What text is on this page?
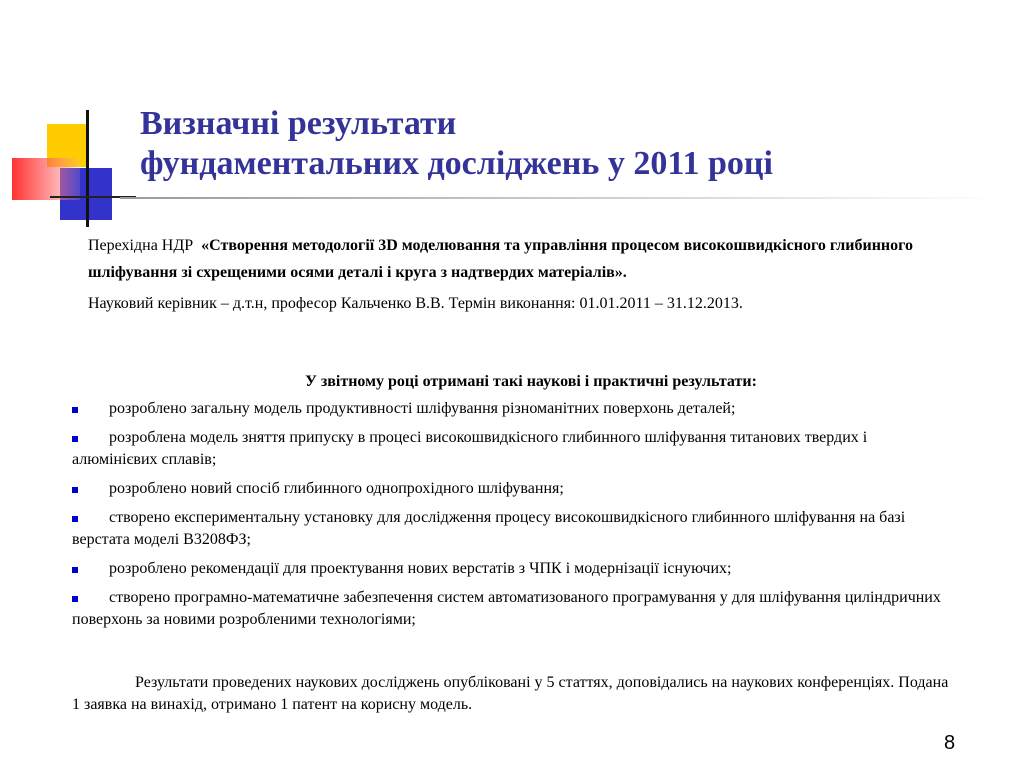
Визначні результати
фундаментальних досліджень у 2011 році

Перехідна НДР  «Створення методології 3D моделювання та управління процесом високошвидкісного глибинного шліфування зі схрещеними осями деталі і круга з надтвердих матеріалів».

Науковий керівник – д.т.н, професор Кальченко В.В. Термін виконання: 01.01.2011 – 31.12.2013.

У звітному році отримані такі наукові і практичні результати:
розроблено загальну модель продуктивності шліфування різноманітних поверхонь деталей;
розроблена модель зняття припуску в процесі високошвидкісного глибинного шліфування титанових твердих і алюмінієвих сплавів;
розроблено новий спосіб глибинного однопрохідного шліфування;
створено експериментальну установку для дослідження процесу високошвидкісного глибинного шліфування на базі верстата моделі В3208ФЗ;
розроблено рекомендації для проектування нових верстатів з ЧПК і модернізації існуючих;
створено програмно-математичне забезпечення систем автоматизованого програмування у для шліфування циліндричних поверхонь за новими розробленими технологіями;

Результати проведених наукових досліджень опубліковані у 5 статтях, доповідались на наукових конференціях. Подана 1 заявка на винахід, отримано 1 патент на корисну модель.

8
